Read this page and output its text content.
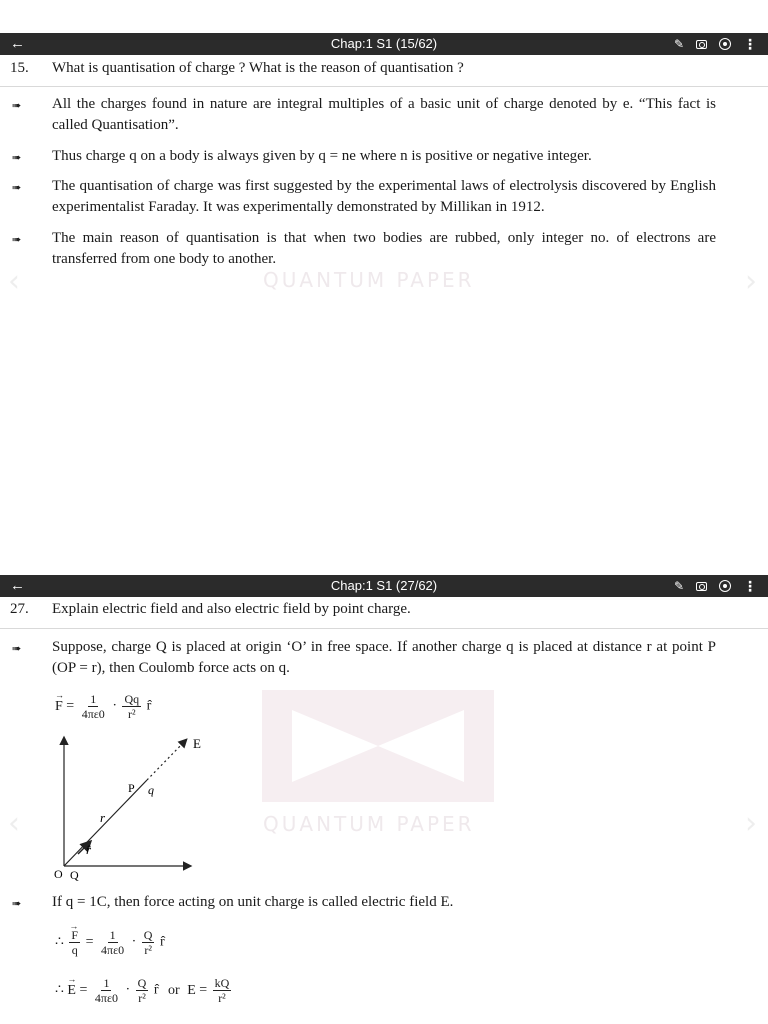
←	Chap:1 S1 (15/62)	✎	⋮
15. What is quantisation of charge ? What is the reason of quantisation ?
➠ All the charges found in nature are integral multiples of a basic unit of charge denoted by e. “This fact is called Quantisation”.
➠ Thus charge q on a body is always given by q = ne where n is positive or negative integer.
➠ The quantisation of charge was first suggested by the experimental laws of electrolysis discovered by English experimentalist Faraday. It was experimentally demonstrated by Millikan in 1912.
➠ The main reason of quantisation is that when two bodies are rubbed, only integer no. of electrons are transferred from one body to another.
‹	›
QUANTUM PAPER
←	Chap:1 S1 (27/62)	✎	⋮
27. Explain electric field and also electric field by point charge.
➠ Suppose, charge Q is placed at origin ‘O’ in free space. If another charge q is placed at distance r at point P (OP = r), then Coulomb force acts on q.
→ $F = \frac{1}{4\pi\varepsilon 0} \cdot \frac{Qq}{\text{r²}}$ r̂
E
P q
r
r̂
O Q
‹	›
QUANTUM PAPER
➠ If q = 1C, then force acting on unit charge is called electric field E.
∴ → $\frac{F}{q} = \frac{1}{4\pi\varepsilon 0} \cdot \frac{Q}{\text{r²}}$ r̂
∴ → $E = \frac{1}{4\pi\varepsilon 0} \cdot \frac{Q}{\text{r²}}$ r̂ or $E = \frac{kQ}{\text{r²}}$
